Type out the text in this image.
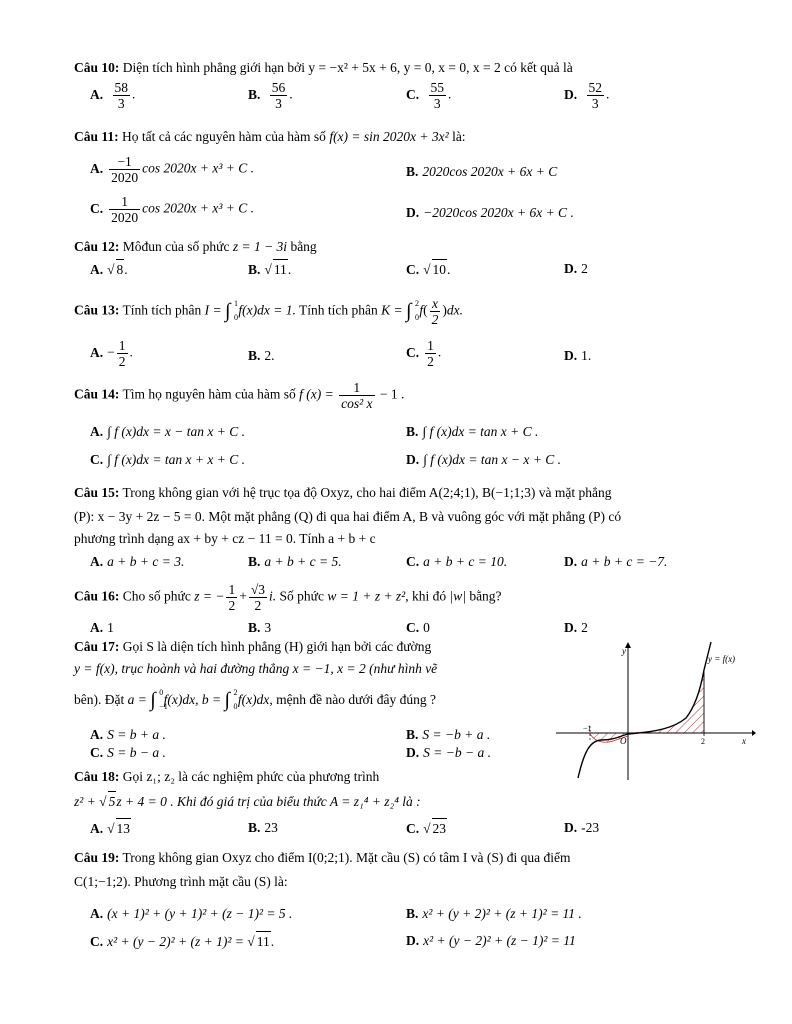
Câu 10: Diện tích hình phẳng giới hạn bởi y = −x² + 5x + 6, y = 0, x = 0, x = 2 có kết quả là
A. $\frac{58}{3}$ .	B. $\frac{56}{3}$ .	C. $\frac{55}{3}$ .	D. $\frac{52}{3}$ .
Câu 11: Họ tất cả các nguyên hàm của hàm số f(x) = sin 2020x + 3x² là:
A. $\frac{-1}{2020}$ cos 2020x + x³ + C .	B. 2020cos 2020x + 6x + C
C. $\frac{1}{2020}$ cos 2020x + x³ + C .	D. −2020cos 2020x + 6x + C .
Câu 12: Môđun của số phức z = 1 − 3i bằng
A. √ 8.	B. √ 11.	C. √ 10.	D. 2
Câu 13: Tính tích phân I = ∫ 1
0 f(x)dx = 1. Tính tích phân K = ∫ 2
0 $f( \frac{x}{2} )dx$.
A. − $\frac{1}{2}$ .	B. 2.	C. $\frac{1}{2}$ .	D. 1.
Câu 14: Tìm họ nguyên hàm của hàm số f $(x) = \frac{1}{\text{cos² x}} - 1$ .
A. ∫ f (x)dx = x − tan x + C .	B. ∫ f (x)dx = tan x + C .
C. ∫ f (x)dx = tan x + x + C .	D. ∫ f (x)dx = tan x − x + C .
Câu 15: Trong không gian với hệ trục tọa độ Oxyz, cho hai điểm A(2;4;1), B(−1;1;3) và mặt phẳng
(P): x − 3y + 2z − 5 = 0. Một mặt phẳng (Q) đi qua hai điểm A, B và vuông góc với mặt phẳng (P) có
phương trình dạng ax + by + cz − 11 = 0. Tính a + b + c
A. a + b + c = 3.	B. a + b + c = 5.	C. a + b + c = 10.	D. a + b + c = −7.
Câu 16: Cho số phức z = − $\frac{1}{2} + \frac{√3}{2} i$. Số phức w = 1 + z + z², khi đó |w| bằng?
A. 1	B. 3	C. 0	D. 2
Câu 17: Gọi S là diện tích hình phẳng (H) giới hạn bởi các đường
y = f(x), trục hoành và hai đường thẳng x = −1, x = 2 (như hình vẽ
bên). Đặt a = ∫ 0
−1
f(x)dx, b = ∫ 2
0 f(x)dx, mệnh đề nào dưới đây đúng ?
A. S = b + a .	B. S = −b + a .
C. S = b − a .	D. S = −b − a .
y
x
O
y = f(x)
−1
2
Câu 18: Gọi z₁; z₂ là các nghiệm phức của phương trình
z² + √ 5z + 4 = 0 . Khi đó giá trị của biểu thức A = z₁⁴ + z₂⁴ là :
A. √ 13	B. 23	C. √ 23	D. -23
Câu 19: Trong không gian Oxyz cho điểm I(0;2;1). Mặt cầu (S) có tâm I và (S) đi qua điểm
C(1;−1;2). Phương trình mặt cầu (S) là:
A. (x + 1)² + (y + 1)² + (z − 1)² = 5 .	B. x² + (y + 2)² + (z + 1)² = 11 .
C. x² + (y − 2)² + (z + 1)² = √ 11.	D. x² + (y − 2)² + (z − 1)² = 11
